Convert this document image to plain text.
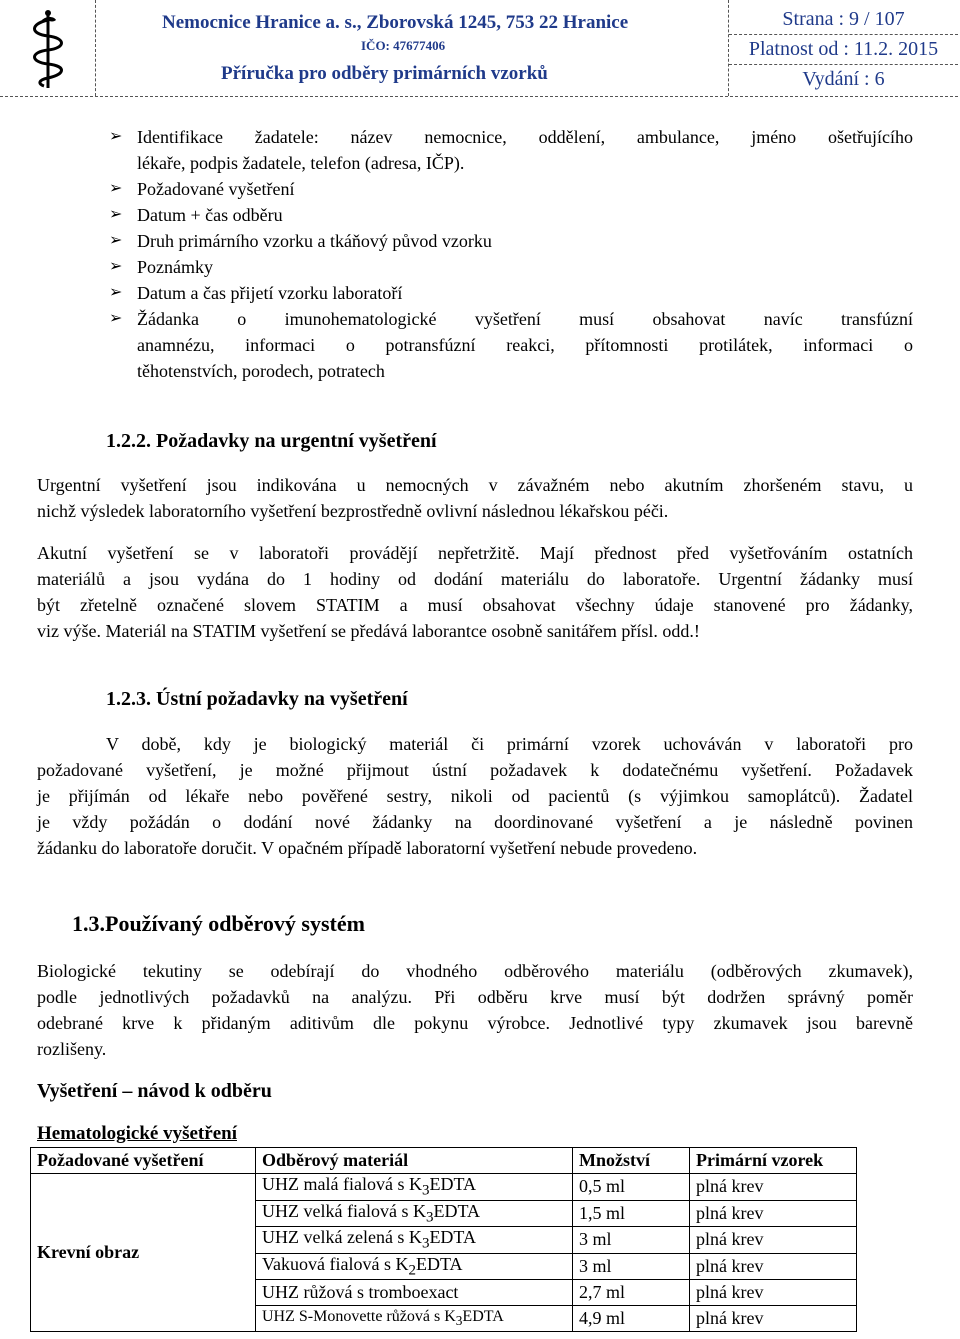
Nemocnice Hranice a. s., Zborovská 1245, 753 22 Hranice
IČO: 47677406
Příručka pro odběry primárních vzorků
Strana : 9 / 107
Platnost od : 11.2. 2015
Vydání : 6
➢ Identifikace žadatele: název nemocnice, oddělení, ambulance, jméno ošetřujícího
lékaře, podpis žadatele, telefon (adresa, IČP).
➢ Požadované vyšetření
➢ Datum + čas odběru
➢ Druh primárního vzorku a tkáňový původ vzorku
➢ Poznámky
➢ Datum a čas přijetí vzorku laboratoří
➢ Žádanka o imunohematologické vyšetření musí obsahovat navíc transfúzní
anamnézu, informaci o potransfúzní reakci, přítomnosti protilátek, informaci o
těhotenstvích, porodech, potratech
1.2.2. Požadavky na urgentní vyšetření
Urgentní vyšetření jsou indikována u nemocných v závažném nebo akutním zhoršeném stavu, u
nichž výsledek laboratorního vyšetření bezprostředně ovlivní následnou lékařskou péči.
Akutní vyšetření se v laboratoři provádějí nepřetržitě. Mají přednost před vyšetřováním ostatních
materiálů a jsou vydána do 1 hodiny od dodání materiálu do laboratoře. Urgentní žádanky musí
být zřetelně označené slovem STATIM a musí obsahovat všechny údaje stanovené pro žádanky,
viz výše. Materiál na STATIM vyšetření se předává laborantce osobně sanitářem přísl. odd.!
1.2.3. Ústní požadavky na vyšetření
V době, kdy je biologický materiál či primární vzorek uchováván v laboratoři pro
požadované vyšetření, je možné přijmout ústní požadavek k dodatečnému vyšetření. Požadavek
je přijímán od lékaře nebo pověřené sestry, nikoli od pacientů (s výjimkou samoplátců). Žadatel
je vždy požádán o dodání nové žádanky na doordinované vyšetření a je následně povinen
žádanku do laboratoře doručit. V opačném případě laboratorní vyšetření nebude provedeno.
1.3.Používaný odběrový systém
Biologické tekutiny se odebírají do vhodného odběrového materiálu (odběrových zkumavek),
podle jednotlivých požadavků na analýzu. Při odběru krve musí být dodržen správný poměr
odebrané krve k přidaným aditivům dle pokynu výrobce. Jednotlivé typy zkumavek jsou barevně
rozlišeny.
Vyšetření – návod k odběru
Hematologické vyšetření
Požadované vyšetření	Odběrový materiál	Množství	Primární vzorek
Krevní obraz	UHZ malá fialová s $K_3EDTA$	0,5 ml	plná krev
	UHZ velká fialová s $K_3EDTA$	1,5 ml	plná krev
	UHZ velká zelená s $K_3EDTA$	3 ml	plná krev
	Vakuová fialová s $K_2EDTA$	3 ml	plná krev
	UHZ růžová s tromboexact	2,7 ml	plná krev
	UHZ S-Monovette růžová s $K_3EDTA$	4,9 ml	plná krev
